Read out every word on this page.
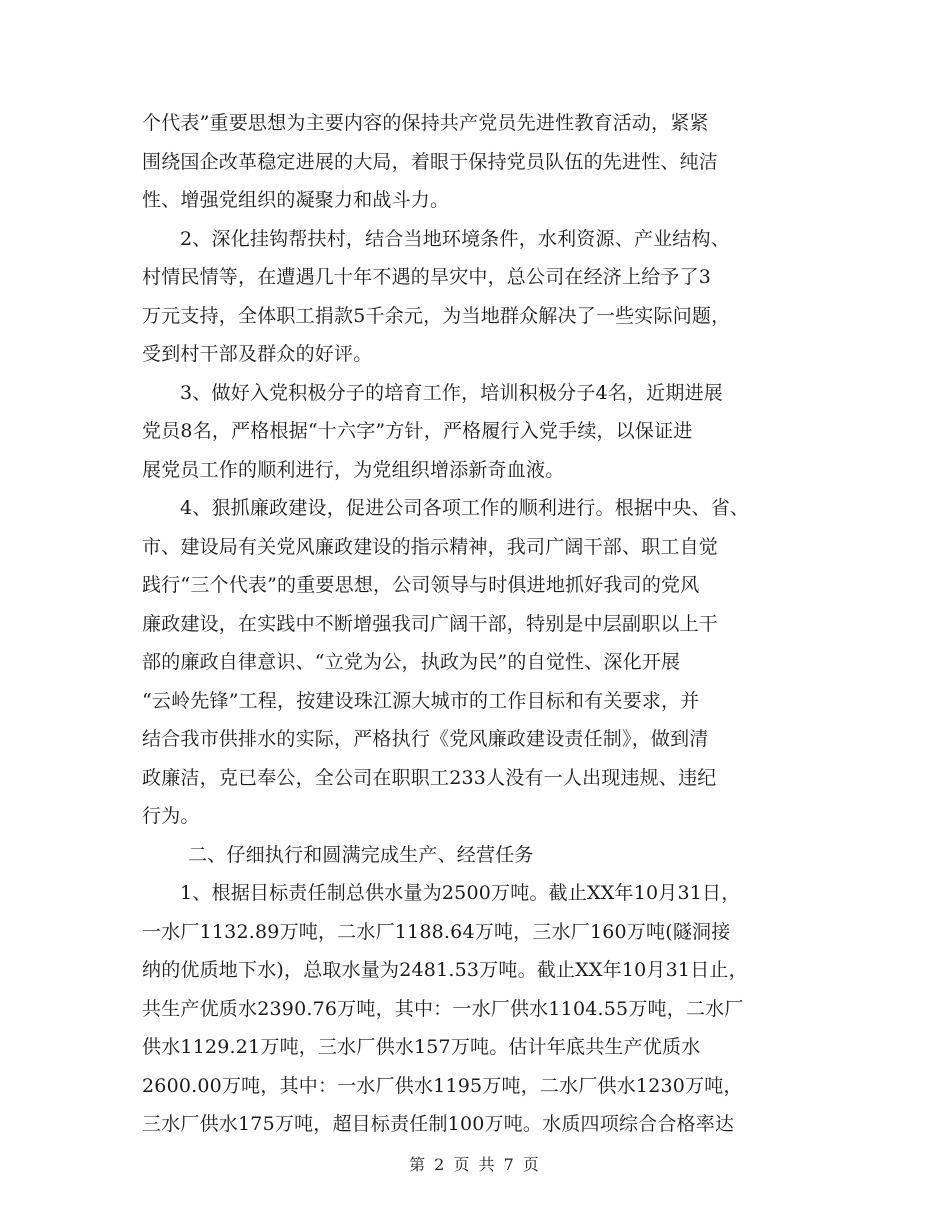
个代表”重要思想为主要内容的保持共产党员先进性教育活动，紧紧
围绕国企改革稳定进展的大局，着眼于保持党员队伍的先进性、纯洁
性、增强党组织的凝聚力和战斗力。
2、深化挂钩帮扶村，结合当地环境条件，水利资源、产业结构、
村情民情等，在遭遇几十年不遇的旱灾中，总公司在经济上给予了3
万元支持，全体职工捐款5千余元，为当地群众解决了一些实际问题，
受到村干部及群众的好评。
3、做好入党积极分子的培育工作，培训积极分子4名，近期进展
党员8名，严格根据“十六字”方针，严格履行入党手续，以保证进
展党员工作的顺利进行，为党组织增添新奇血液。
4、狠抓廉政建设，促进公司各项工作的顺利进行。根据中央、省、
市、建设局有关党风廉政建设的指示精神，我司广阔干部、职工自觉
践行“三个代表”的重要思想，公司领导与时俱进地抓好我司的党风
廉政建设，在实践中不断增强我司广阔干部，特别是中层副职以上干
部的廉政自律意识、“立党为公，执政为民”的自觉性、深化开展
“云岭先锋”工程，按建设珠江源大城市的工作目标和有关要求，并
结合我市供排水的实际，严格执行《党风廉政建设责任制》，做到清
政廉洁，克已奉公，全公司在职职工233人没有一人出现违规、违纪
行为。
二、仔细执行和圆满完成生产、经营任务
1、根据目标责任制总供水量为2500万吨。截止XX年10月31日，
一水厂1132.89万吨，二水厂1188.64万吨，三水厂160万吨(隧洞接
纳的优质地下水)，总取水量为2481.53万吨。截止XX年10月31日止，
共生产优质水2390.76万吨，其中：一水厂供水1104.55万吨，二水厂
供水1129.21万吨，三水厂供水157万吨。估计年底共生产优质水
2600.00万吨，其中：一水厂供水1195万吨，二水厂供水1230万吨，
三水厂供水175万吨，超目标责任制100万吨。水质四项综合合格率达
第 2 页 共 7 页
